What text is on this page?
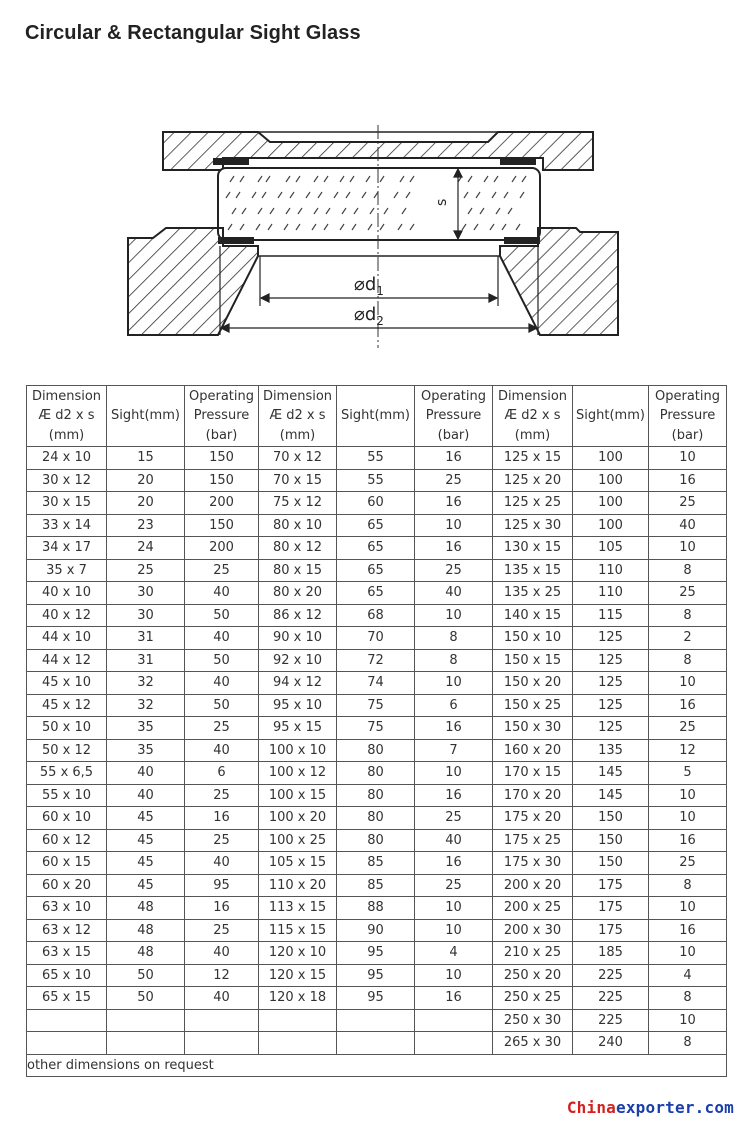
Circular & Rectangular Sight Glass
s
$⌀d_1$
$⌀d_2$
Dimension
Æ d2 x s
(mm)	Sight(mm)	Operating
Pressure
(bar)	Dimension
Æ d2 x s
(mm)	Sight(mm)	Operating
Pressure
(bar)	Dimension
Æ d2 x s
(mm)	Sight(mm)	Operating
Pressure
(bar)
24 x 10	15	150	70 x 12	55	16	125 x 15	100	10
30 x 12	20	150	70 x 15	55	25	125 x 20	100	16
30 x 15	20	200	75 x 12	60	16	125 x 25	100	25
33 x 14	23	150	80 x 10	65	10	125 x 30	100	40
34 x 17	24	200	80 x 12	65	16	130 x 15	105	10
35 x 7	25	25	80 x 15	65	25	135 x 15	110	8
40 x 10	30	40	80 x 20	65	40	135 x 25	110	25
40 x 12	30	50	86 x 12	68	10	140 x 15	115	8
44 x 10	31	40	90 x 10	70	8	150 x 10	125	2
44 x 12	31	50	92 x 10	72	8	150 x 15	125	8
45 x 10	32	40	94 x 12	74	10	150 x 20	125	10
45 x 12	32	50	95 x 10	75	6	150 x 25	125	16
50 x 10	35	25	95 x 15	75	16	150 x 30	125	25
50 x 12	35	40	100 x 10	80	7	160 x 20	135	12
55 x 6,5	40	6	100 x 12	80	10	170 x 15	145	5
55 x 10	40	25	100 x 15	80	16	170 x 20	145	10
60 x 10	45	16	100 x 20	80	25	175 x 20	150	10
60 x 12	45	25	100 x 25	80	40	175 x 25	150	16
60 x 15	45	40	105 x 15	85	16	175 x 30	150	25
60 x 20	45	95	110 x 20	85	25	200 x 20	175	8
63 x 10	48	16	113 x 15	88	10	200 x 25	175	10
63 x 12	48	25	115 x 15	90	10	200 x 30	175	16
63 x 15	48	40	120 x 10	95	4	210 x 25	185	10
65 x 10	50	12	120 x 15	95	10	250 x 20	225	4
65 x 15	50	40	120 x 18	95	16	250 x 25	225	8
						250 x 30	225	10
						265 x 30	240	8
other dimensions on request								
Chinaexporter.com
